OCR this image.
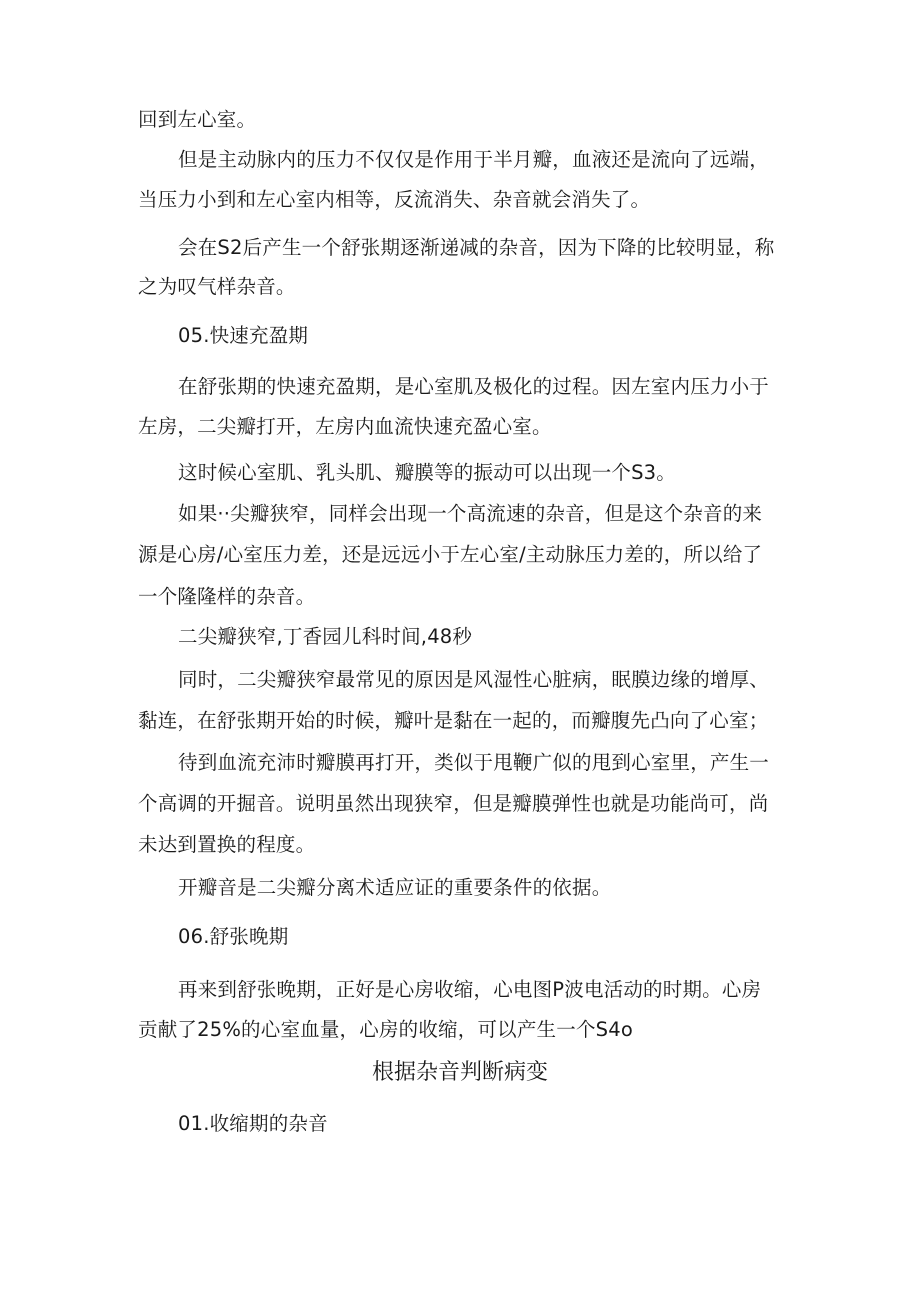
回到左心室。
但是主动脉内的压力不仅仅是作用于半月瓣，血液还是流向了远端，
当压力小到和左心室内相等，反流消失、杂音就会消失了。
会在S2后产生一个舒张期逐渐递减的杂音，因为下降的比较明显，称
之为叹气样杂音。
05.快速充盈期
在舒张期的快速充盈期，是心室肌及极化的过程。因左室内压力小于
左房，二尖瓣打开，左房内血流快速充盈心室。
这时候心室肌、乳头肌、瓣膜等的振动可以出现一个S3。
如果··尖瓣狭窄，同样会出现一个高流速的杂音，但是这个杂音的来
源是心房/心室压力差，还是远远小于左心室/主动脉压力差的，所以给了
一个隆隆样的杂音。
二尖瓣狭窄,丁香园儿科时间,48秒
同时，二尖瓣狭窄最常见的原因是风湿性心脏病，眠膜边缘的增厚、
黏连，在舒张期开始的时候，瓣叶是黏在一起的，而瓣腹先凸向了心室；
待到血流充沛时瓣膜再打开，类似于甩鞭广似的甩到心室里，产生一
个高调的开掘音。说明虽然出现狭窄，但是瓣膜弹性也就是功能尚可，尚
未达到置换的程度。
开瓣音是二尖瓣分离术适应证的重要条件的依据。
06.舒张晚期
再来到舒张晚期，正好是心房收缩，心电图P波电活动的时期。心房
贡献了25%的心室血量，心房的收缩，可以产生一个S4o
根据杂音判断病变
01.收缩期的杂音
